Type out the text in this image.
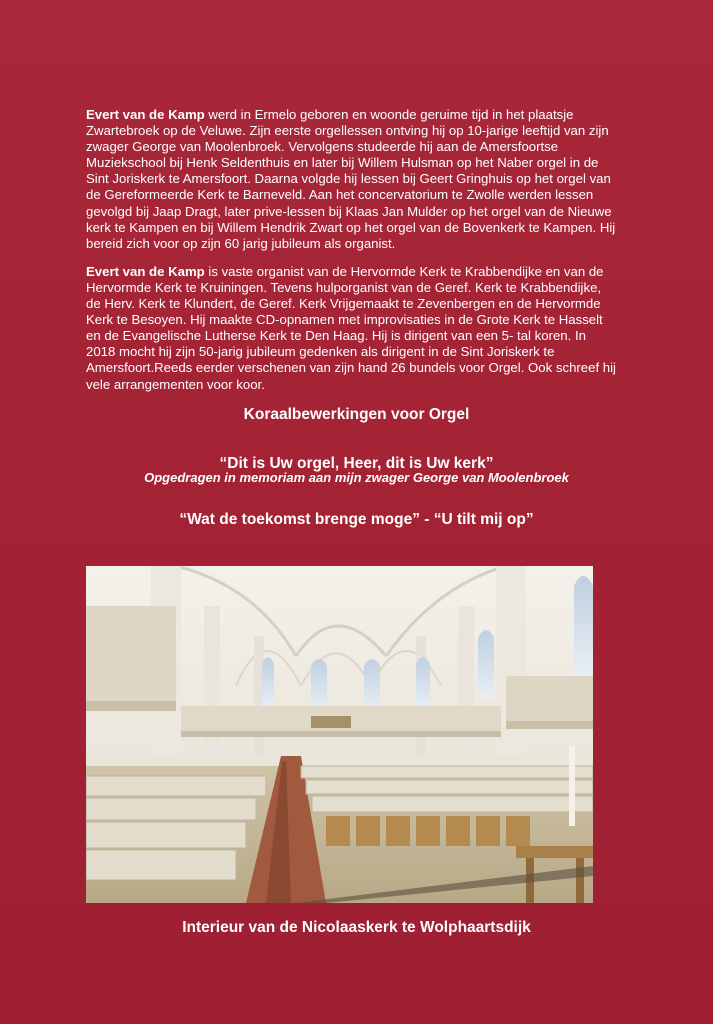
Evert van de Kamp werd in Ermelo geboren en woonde geruime tijd in het plaatsje Zwartebroek op de Veluwe. Zijn eerste orgellessen ontving hij op 10-jarige leeftijd van zijn zwager George van Moolenbroek. Vervolgens studeerde hij aan de Amersfoortse Muziekschool bij Henk Seldenthuis en later bij Willem Hulsman op het Naber orgel in de Sint Joriskerk te Amersfoort. Daarna volgde hij lessen bij Geert Gringhuis op het orgel van de Gereformeerde Kerk te Barneveld. Aan het concervatorium te Zwolle werden lessen gevolgd bij Jaap Dragt, later prive-lessen bij Klaas Jan Mulder op het orgel van de Nieuwe kerk te Kampen en bij Willem Hendrik Zwart op het orgel van de Bovenkerk te Kampen. Hij bereid zich voor op zijn 60 jarig jubileum als organist.

Evert van de Kamp is vaste organist van de Hervormde Kerk te Krabbendijke en van de Hervormde Kerk te Kruiningen. Tevens hulporganist van de Geref. Kerk te Krabbendijke, de Herv. Kerk te Klundert, de Geref. Kerk Vrijgemaakt te Zevenbergen en de Hervormde Kerk te Besoyen. Hij maakte CD-opnamen met improvisaties in de Grote Kerk te Hasselt en de Evangelische Lutherse Kerk te Den Haag. Hij is dirigent van een 5- tal koren. In 2018 mocht hij zijn 50-jarig jubileum gedenken als dirigent in de Sint Joriskerk te Amersfoort.Reeds eerder verschenen van zijn hand 26 bundels voor Orgel. Ook schreef hij vele arrangementen voor koor.

Koraalbewerkingen voor Orgel

“Dit is Uw orgel, Heer, dit is Uw kerk”

Opgedragen in memoriam aan mijn zwager George van Moolenbroek

“Wat de toekomst brenge moge” - “U tilt mij op”

Interieur van de Nicolaaskerk te Wolphaartsdijk
